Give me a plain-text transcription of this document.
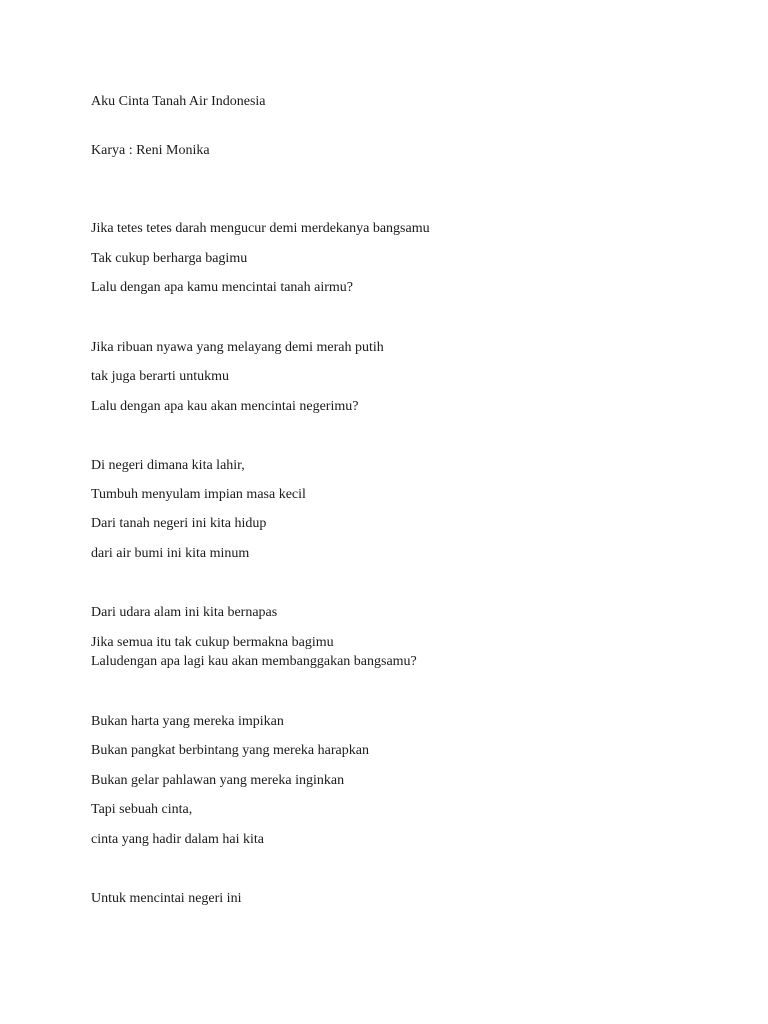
Aku Cinta Tanah Air Indonesia

Karya : Reni Monika

Jika tetes tetes darah mengucur demi merdekanya bangsamu

Tak cukup berharga bagimu

Lalu dengan apa kamu mencintai tanah airmu?

Jika ribuan nyawa yang melayang demi merah putih

tak juga berarti untukmu

Lalu dengan apa kau akan mencintai negerimu?

Di negeri dimana kita lahir,

Tumbuh menyulam impian masa kecil

Dari tanah negeri ini kita hidup

dari air bumi ini kita minum

Dari udara alam ini kita bernapas

Jika semua itu tak cukup bermakna bagimu

Laludengan apa lagi kau akan membanggakan bangsamu?

Bukan harta yang mereka impikan

Bukan pangkat berbintang yang mereka harapkan

Bukan gelar pahlawan yang mereka inginkan

Tapi sebuah cinta,

cinta yang hadir dalam hai kita

Untuk mencintai negeri ini
